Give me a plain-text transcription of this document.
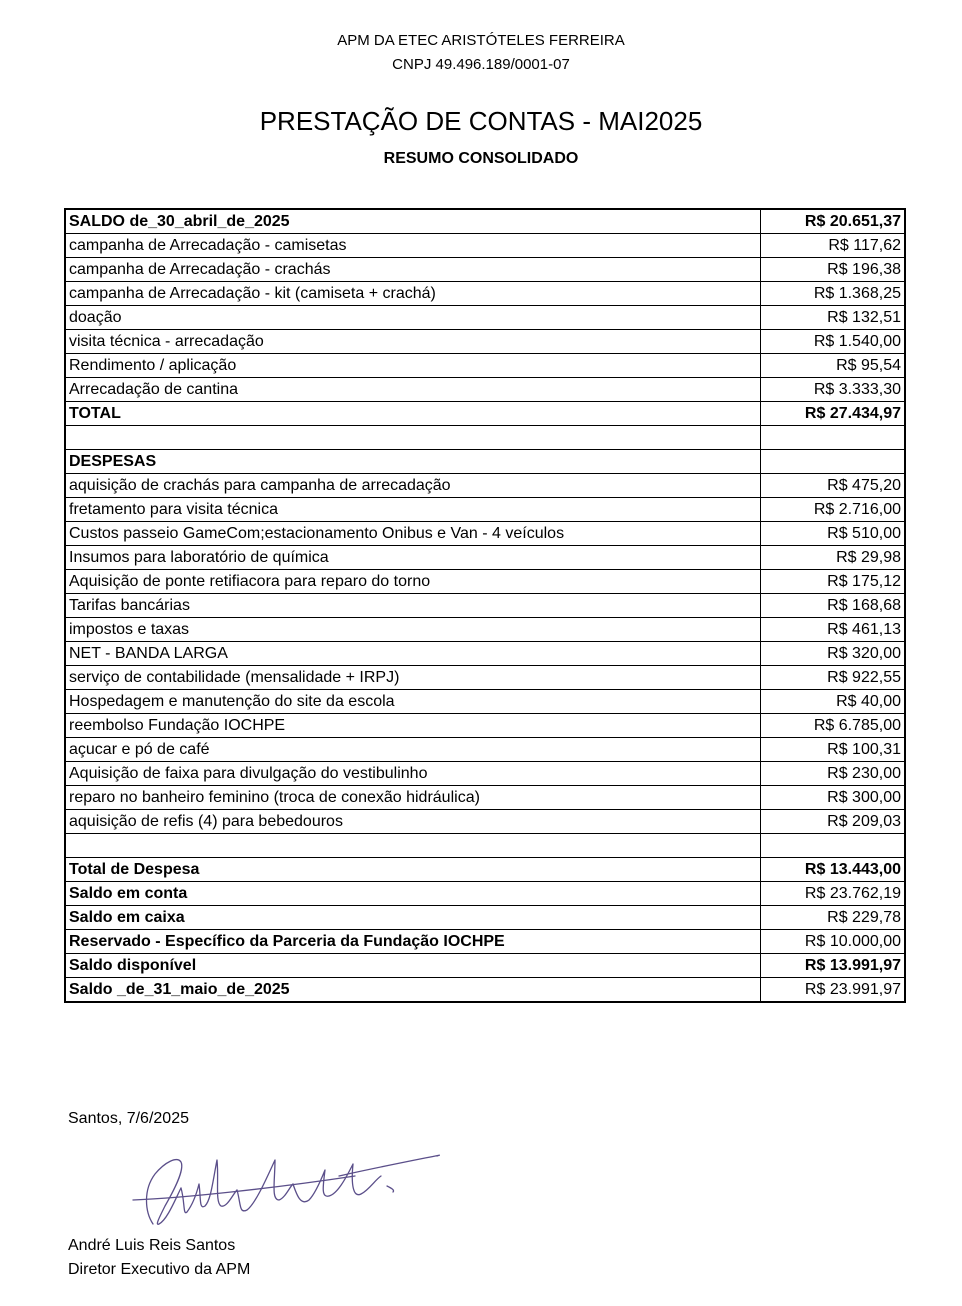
APM DA ETEC ARISTÓTELES FERREIRA
CNPJ 49.496.189/0001-07
PRESTAÇÃO DE CONTAS - MAI2025
RESUMO CONSOLIDADO
SALDO de_30_abril_de_2025	R$ 20.651,37
campanha de Arrecadação - camisetas	R$ 117,62
campanha de Arrecadação - crachás	R$ 196,38
campanha de Arrecadação - kit (camiseta + crachá)	R$ 1.368,25
doação	R$ 132,51
visita técnica - arrecadação	R$ 1.540,00
Rendimento / aplicação	R$ 95,54
Arrecadação de cantina	R$ 3.333,30
TOTAL	R$ 27.434,97

DESPESAS	
aquisição de crachás para campanha de arrecadação	R$ 475,20
fretamento para visita técnica	R$ 2.716,00
Custos passeio GameCom;estacionamento Onibus e Van - 4 veículos	R$ 510,00
Insumos para laboratório de química	R$ 29,98
Aquisição de ponte retifiacora para reparo do torno	R$ 175,12
Tarifas bancárias	R$ 168,68
impostos e taxas	R$ 461,13
NET - BANDA LARGA	R$ 320,00
serviço de contabilidade (mensalidade + IRPJ)	R$ 922,55
Hospedagem e manutenção do site da escola	R$ 40,00
reembolso Fundação IOCHPE	R$ 6.785,00
açucar e pó de café	R$ 100,31
Aquisição de faixa para divulgação do vestibulinho	R$ 230,00
reparo no banheiro feminino (troca de conexão hidráulica)	R$ 300,00
aquisição de refis (4) para bebedouros	R$ 209,03

Total de Despesa	R$ 13.443,00
Saldo em conta	R$ 23.762,19
Saldo em caixa	R$ 229,78
Reservado - Específico da Parceria da Fundação IOCHPE	R$ 10.000,00
Saldo disponível	R$ 13.991,97
Saldo _de_31_maio_de_2025	R$ 23.991,97
Santos, 7/6/2025
André Luis Reis Santos
Diretor Executivo da APM
